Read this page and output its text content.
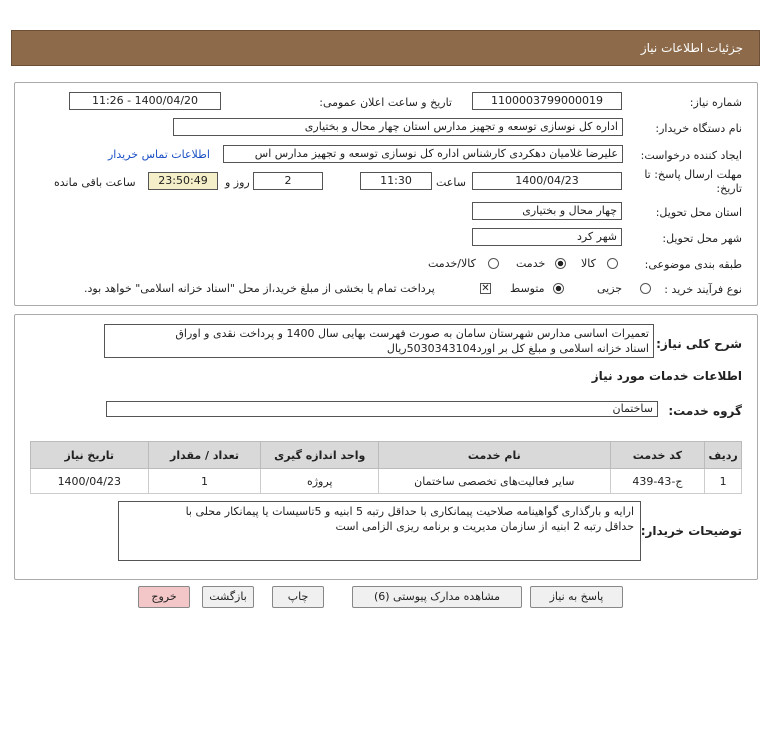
جزئیات اطلاعات نیاز
شماره نیاز:
1100003799000019
تاریخ و ساعت اعلان عمومی:
1400/04/20 - 11:26
نام دستگاه خریدار:
اداره کل نوسازی توسعه و تجهیز مدارس استان چهار محال و بختیاری
ایجاد کننده درخواست:
علیرضا غلامیان دهکردی کارشناس اداره کل نوسازی توسعه و تجهیز مدارس اس
اطلاعات تماس خریدار
مهلت ارسال پاسخ: تا تاریخ:
1400/04/23
ساعت
11:30
2
روز و
23:50:49
ساعت باقی مانده
استان محل تحویل:
چهار محال و بختیاری
شهر محل تحویل:
شهر کرد
طبقه بندی موضوعی:
کالا
خدمت
کالا/خدمت
نوع فرآیند خرید :
جزیی
متوسط
✕
پرداخت تمام یا بخشی از مبلغ خرید،از محل "اسناد خزانه اسلامی" خواهد بود.
شرح کلی نیاز:
تعمیرات اساسی مدارس شهرستان سامان به صورت فهرست بهایی سال 1400 و پرداخت نقدی و اوراق
اسناد خزانه اسلامی و مبلغ کل بر اورد5030343104ریال
اطلاعات خدمات مورد نیاز
گروه خدمت:
ساختمان
ردیف	کد خدمت	نام خدمت	واحد اندازه گیری	تعداد / مقدار	تاریخ نیاز
1	ج-43-439	سایر فعالیت‌های تخصصی ساختمان	پروژه	1	1400/04/23
توضیحات خریدار:
ارایه و بارگذاری گواهینامه صلاحیت پیمانکاری با حداقل رتبه 5 ابنیه و 5تاسیسات یا پیمانکار محلی با
حداقل رتبه 2 ابنیه از سازمان مدیریت و برنامه ریزی الزامی است
پاسخ به نیاز
مشاهده مدارک پیوستی (6)
چاپ
بازگشت
خروج
